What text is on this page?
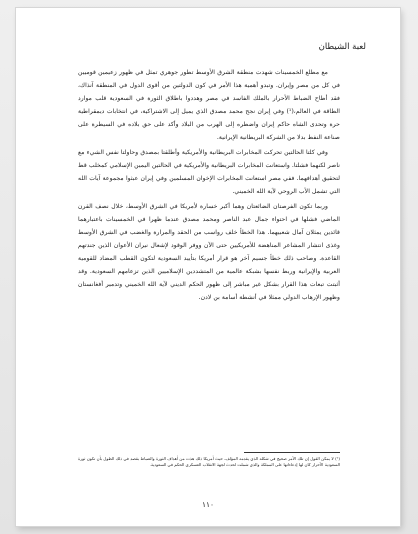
لعبة الشيطان

مع مطلع الخمسينات شهدت منطقة الشرق الأوسط تطور جوهري تمثل في ظهور زعيمين قوميين في كل من مصر وإيران. وتبدو أهمية هذا الأمر في كون الدولتين من أقوى الدول في المنطقة آنذاك، فقد أطاح الضباط الأحرار بالملك الفاسد في مصر وهددوا باطلاق الثورة في السعودية قلب موارد الطاقة في العالم،(¹) وفي إيران نجح محمد مصدق الذي يميل إلى الاشتراكية، في انتخابات ديمقراطية حرة وتحدى الشاه حاكم إيران واضطره إلى الهرب من البلاد وأكد على حق بلاده في السيطرة على صناعة النفط بدلا من الشركة البريطانية الإيرانية.

وفي كلتا الحالتين تحركت المخابرات البريطانية والأمريكية وأطلقتا بمصدق وحاولتا نفس الشيء مع ناصر لكنهما فشلتا. واستعانت المخابرات البريطانية والأمريكية في الحالتين اليمين الإسلامي كمخلب قط لتحقيق أهدافهما. ففي مصر استعانت المخابرات الإخوان المسلمين وفي إيران عبثوا مجموعة آيات الله التي تشمل الأب الروحي لآية الله الخميني.

وربما تكون الفرصتان الضائعتان وهما أكبر خسارة لأمريكا في الشرق الأوسط، خلال نصف القرن الماضي فشلها في احتواء جمال عبد الناصر ومحمد مصدق عندما ظهرا في الخمسينات باعتبارهما قائدين يمثلان آمال شعبيهما. هذا الخطأ خلف رواسب من الحقد والمرارة والغضب في الشرق الأوسط وغذى انتشار المشاعر المناهضة للأمريكيين حتى الآن ووفر الوقود لإشعال نيران الأعوان الذين جندتهم القاعدة. وصاحب ذلك خطأ جسيم آخر هو قرار أمريكا بتأييد السعودية لتكون القطب المضاد للقومية العربية والإيرانية وربط نفسها بشبكة عالمية من المتشددين الإسلاميين الذين تزعامهم السعودية. وقد أثبتت تبعات هذا القرار بشكل غير مباشر إلى ظهور الحكم الديني لآية الله الخميني وتدمير أفغانستان وظهور الإرهاب الدولي ممثلا في أنشطة أسامة بن لادن.

(¹) لا يمكن القول إن تلك الأمر صحيح في شكله الذي يقدمه المؤلف، حيث أمريكا ذلك هذت من أهداف الثورة والضباط بقصد في ذلك الطول بأن تكون ثورة السعودية الأحرار كان لها إدعاءاتها على المملكة والذي شملت لحدث لجهة الانقلاب العسكري الحكم في السعودية.
١١٠
